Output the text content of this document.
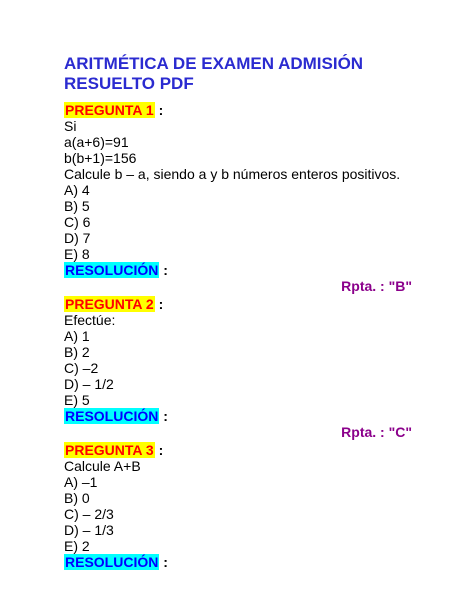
ARITMÉTICA DE EXAMEN ADMISIÓN
RESUELTO PDF
PREGUNTA 1 :
Si
a(a+6)=91
b(b+1)=156
Calcule b – a, siendo a y b números enteros positivos.
A) 4
B) 5
C) 6
D) 7
E) 8
RESOLUCIÓN :
Rpta. : "B"
PREGUNTA 2 :
Efectúe:
A) 1
B) 2
C) –2
D) – 1/2
E) 5
RESOLUCIÓN :
Rpta. : "C"
PREGUNTA 3 :
Calcule A+B
A) –1
B) 0
C) – 2/3
D) – 1/3
E) 2
RESOLUCIÓN :
